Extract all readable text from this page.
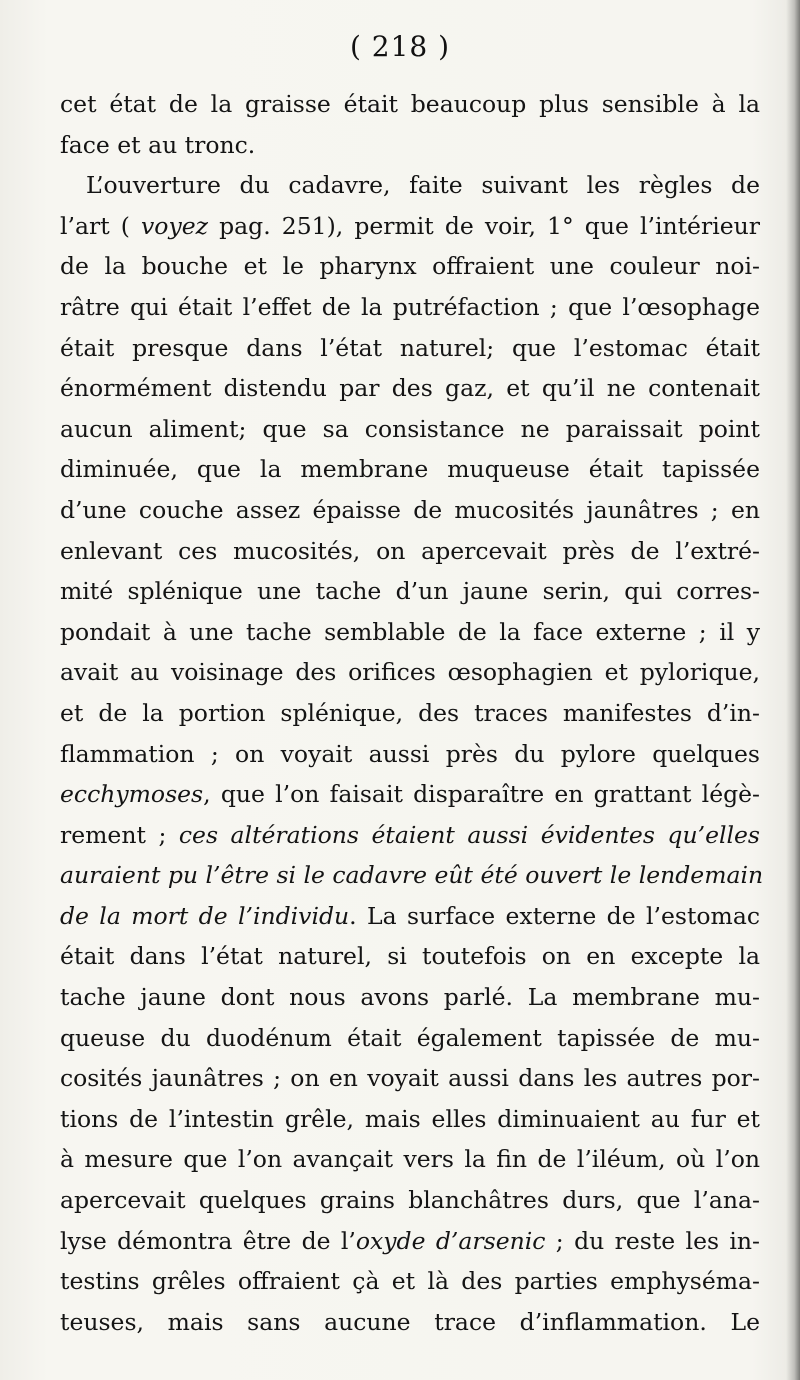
( 218 )
cet état de la graisse était beaucoup plus sensible à la
face et au tronc.
L’ouverture du cadavre, faite suivant les règles de
l’art ( voyez pag. 251), permit de voir, 1° que l’intérieur
de la bouche et le pharynx offraient une couleur noi-
râtre qui était l’effet de la putréfaction ; que l’œsophage
était presque dans l’état naturel; que l’estomac était
énormément distendu par des gaz, et qu’il ne contenait
aucun aliment; que sa consistance ne paraissait point
diminuée, que la membrane muqueuse était tapissée
d’une couche assez épaisse de mucosités jaunâtres ; en
enlevant ces mucosités, on apercevait près de l’extré-
mité splénique une tache d’un jaune serin, qui corres-
pondait à une tache semblable de la face externe ; il y
avait au voisinage des orifices œsophagien et pylorique,
et de la portion splénique, des traces manifestes d’in-
flammation ; on voyait aussi près du pylore quelques
ecchymoses, que l’on faisait disparaître en grattant légè-
rement ; ces altérations étaient aussi évidentes qu’elles
auraient pu l’être si le cadavre eût été ouvert le lendemain
de la mort de l’individu. La surface externe de l’estomac
était dans l’état naturel, si toutefois on en excepte la
tache jaune dont nous avons parlé. La membrane mu-
queuse du duodénum était également tapissée de mu-
cosités jaunâtres ; on en voyait aussi dans les autres por-
tions de l’intestin grêle, mais elles diminuaient au fur et
à mesure que l’on avançait vers la fin de l’iléum, où l’on
apercevait quelques grains blanchâtres durs, que l’ana-
lyse démontra être de l’oxyde d’arsenic ; du reste les in-
testins grêles offraient çà et là des parties emphyséma-
teuses, mais sans aucune trace d’inflammation. Le
